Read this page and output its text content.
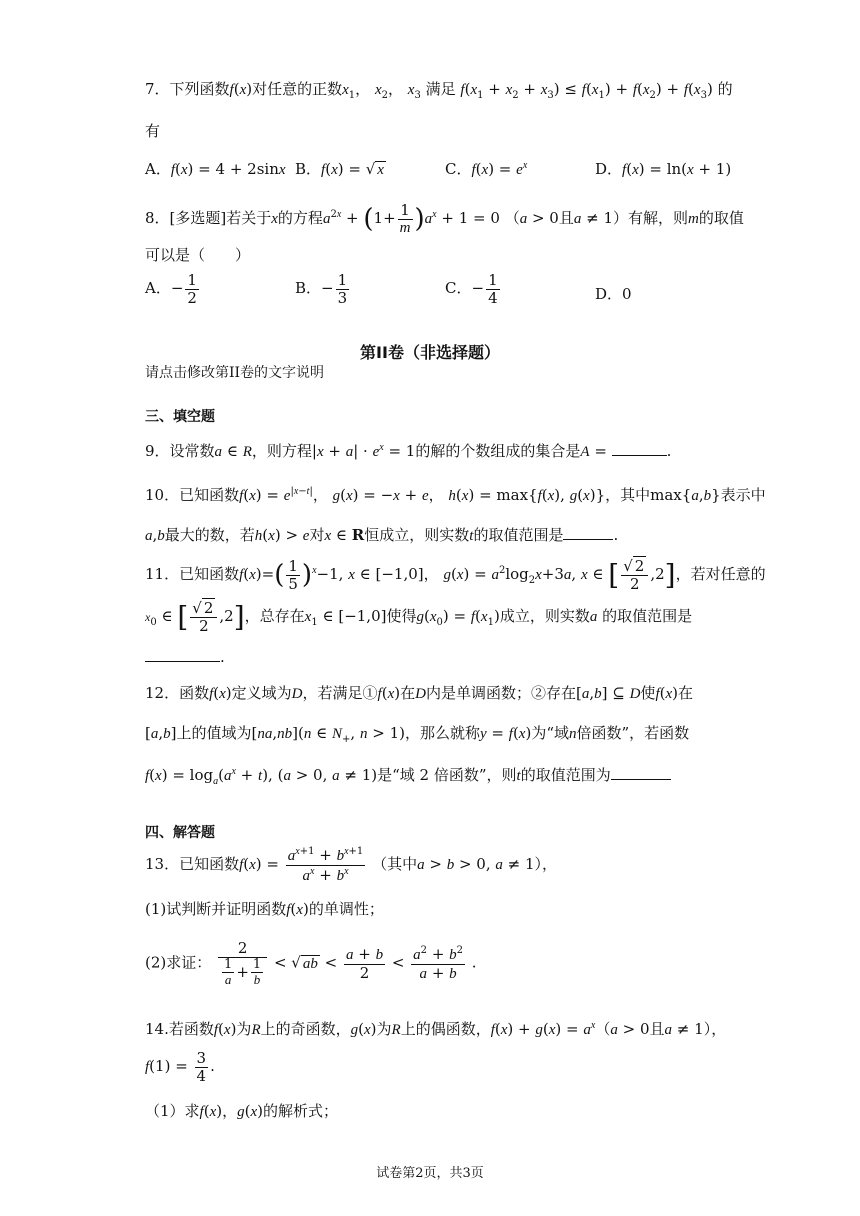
7．下列函数f(x)对任意的正数$x_1$， $x_2$， $x_3$ 满足 $f(x_1 + x_2 + x_3) \le f(x_1) + f(x_2) + f(x_3)$ 的
有
A．f(x) = 4 + 2sinx B．f(x) = √ x	C．$f(x) = e^x$	D．f(x) = ln(x + 1)
8．[多选题]若关于x的方程$a^{2x} + (1+ \frac{1}{m} )a^x + 1 = 0$ （a > 0且a ≠ 1）有解，则m的取值
可以是（　　）
A．− $\frac{1}{2}$	B．− $\frac{1}{3}$	C．− $\frac{1}{4}$	D．0
第II卷（非选择题）
请点击修改第II卷的文字说明
三、填空题
9．设常数a ∈ R，则方程$|x + a| \cdot e^x = 1$的解的个数组成的集合是A =	.
10．已知函数$f(x) = e^{|x-t|}$， g(x) = −x + e， h(x) = max{f(x), g(x)}，其中max{a,b}表示中
a,b最大的数，若h(x) > e对x ∈ R恒成立，则实数t的取值范围是	.
11．已知函数$f(x)=( \frac{1}{5} )^x-1$, x ∈ [−1,0]， $g(x) = a^2\log_2x+3a$, x ∈ [ $\frac{√ 2}{2} ,2$]，若对任意的
$x_0$ ∈ [ $\frac{√ 2}{2} ,2$]，总存在$x_1$ ∈ [−1,0]使得$g(x_0) = f(x_1)$成立，则实数a 的取值范围是
.
12．函数f(x)定义域为D，若满足①f(x)在D内是单调函数；②存在[a,b] ⊆ D使f(x)在
[a,b]上的值域为[na,nb](n ∈ $N_+$, n > 1)，那么就称y = f(x)为“域n倍函数”，若函数
$f(x) = \log_a(a^x + t)$, (a > 0, a ≠ 1)是“域 2 倍函数”，则t的取值范围为
四、解答题
13．已知函数$f(x) = \frac{a^{x+1} + b^{x+1}}{a^x + b^x}$ （其中a > b > 0, a ≠ 1），
(1)试判断并证明函数f(x)的单调性；
(2)求证： $\frac{2}{\frac{1}{a} + \frac{1}{b}}$ < √ ab < $\frac{a + b}{2} < \frac{a^2 + b^2}{a + b}$ .
14.若函数f(x)为R上的奇函数，g(x)为R上的偶函数，$f(x) + g(x) = a^x(a > 0$且a ≠ 1），
$f(1) = \frac{3}{4}$ .
（1）求f(x)，g(x)的解析式；
试卷第2页，共3页
